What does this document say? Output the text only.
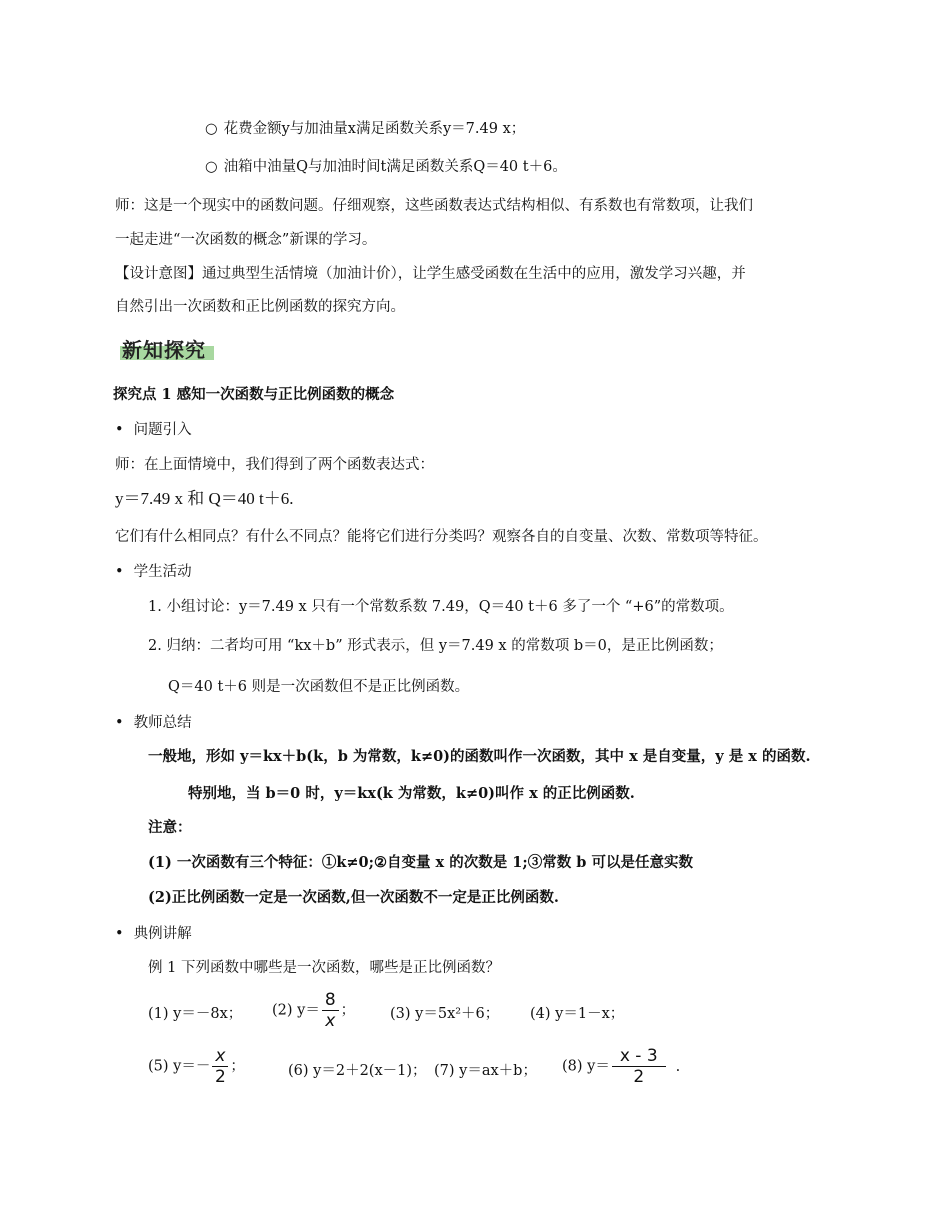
○ 花费金额y与加油量x满足函数关系y＝7.49 x；
○ 油箱中油量Q与加油时间t满足函数关系Q＝40 t＋6。
师：这是一个现实中的函数问题。仔细观察，这些函数表达式结构相似、有系数也有常数项，让我们
一起走进“一次函数的概念”新课的学习。
【设计意图】通过典型生活情境（加油计价），让学生感受函数在生活中的应用，激发学习兴趣，并
自然引出一次函数和正比例函数的探究方向。
新知探究
探究点 1 感知一次函数与正比例函数的概念
• 问题引入
师：在上面情境中，我们得到了两个函数表达式：
y＝7.49 x 和 Q＝40 t＋6.
它们有什么相同点？有什么不同点？能将它们进行分类吗？观察各自的自变量、次数、常数项等特征。
• 学生活动
1. 小组讨论：y＝7.49 x 只有一个常数系数 7.49，Q＝40 t＋6 多了一个 “+6”的常数项。
2. 归纳：二者均可用 “kx＋b” 形式表示，但 y＝7.49 x 的常数项 b＝0，是正比例函数；
Q＝40 t＋6 则是一次函数但不是正比例函数。
• 教师总结
一般地，形如 y＝kx＋b(k，b 为常数，k≠0)的函数叫作一次函数，其中 x 是自变量，y 是 x 的函数.
特别地，当 b＝0 时，y＝kx(k 为常数，k≠0)叫作 x 的正比例函数.
注意：
(1) 一次函数有三个特征：①k≠0;②自变量 x 的次数是 1;③常数 b 可以是任意实数
(2)正比例函数一定是一次函数,但一次函数不一定是正比例函数.
• 典例讲解
例 1 下列函数中哪些是一次函数，哪些是正比例函数？
(1) y＝－8x； (2) $y= \frac{8}{x}$ ； (3) y＝5x²＋6； (4) y＝1－x；
(5) $y=- \frac{x}{2}$ ；	(6) y＝2＋2(x－1)； (7) y＝ax＋b； (8) $y= \frac{x - 3}{2}$ .
